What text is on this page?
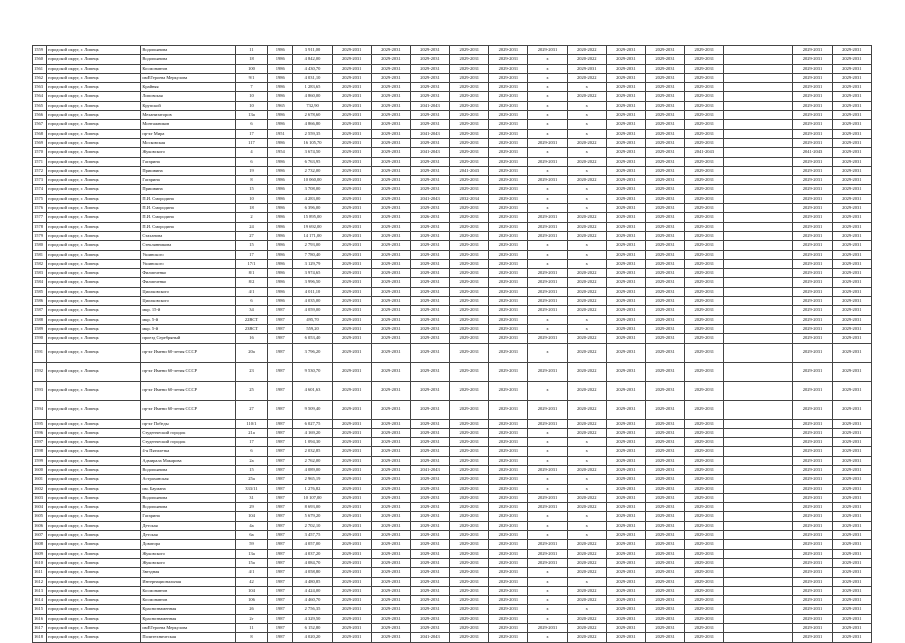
1559	городской округ, г. Липецк	Водопьянова	11	1986	3 911,00	2029-2031	2029-2031	2029-2031	2029-2031	2029-2031	2029-2031	2020-2022	2029-2031	2029-2031	2029-2031		2029-2031	2029-2031
1560	городской округ, г. Липецк	Водопьянова	18	1986	4 842,00	2029-2031	2029-2031	2029-2031	2029-2031	2029-2031	х	2020-2022	2029-2031	2029-2031	2029-2031		2029-2031	2029-2031
1561	городской округ, г. Липецк	Космонавтов	100	1986	4 430,70	2029-2031	2029-2031	2029-2031	2029-2031	2029-2031	х	2029-2031	2029-2031	2029-2031	2029-2031		2029-2031	2029-2031
1562	городской округ, г. Липецк	имЕГероева Меркулова	9/1	1986	4 031,10	2029-2031	2029-2031	2029-2031	2029-2031	2029-2031	х	2020-2022	2029-2031	2029-2031	2029-2031		2029-2031	2029-2031
1563	городской округ, г. Липецк	Крайняя	7	1986	1 283,65	2029-2031	2029-2031	2029-2031	2029-2031	2029-2031	х	х	2029-2031	2029-2031	2029-2031		2029-2031	2029-2031
1564	городской округ, г. Липецк	Липовская	10	1986	4 860,00	2029-2031	2029-2031	2029-2031	2029-2031	2029-2031	х	2020-2022	2029-2031	2029-2031	2029-2031		2029-2031	2029-2031
1565	городской округ, г. Липецк	Крупской	10	1965	732,90	2029-2031	2029-2031	2041-2043	2029-2031	2029-2031	х	х	2029-2031	2029-2031	2029-2031		2029-2031	2029-2031
1566	городской округ, г. Липецк	Механизаторов	13а	1986	2 678,60	2029-2031	2029-2031	2029-2031	2029-2031	2029-2031	х	х	2029-2031	2029-2031	2029-2031		2029-2031	2029-2031
1567	городской округ, г. Липецк	Монтажников	6	1986	4 866,80	2029-2031	2029-2031	2029-2031	2029-2031	2029-2031	х	х	2029-2031	2029-2031	2029-2031		2029-2031	2029-2031
1568	городской округ, г. Липецк	пр-кт Мира	17	1951	2 559,35	2029-2031	2029-2031	2041-2043	2029-2031	2029-2031	х	х	2029-2031	2029-2031	2029-2031		2029-2031	2029-2031
1569	городской округ, г. Липецк	Московская	117	1986	16 105,70	2029-2031	2029-2031	2029-2031	2029-2031	2029-2031	2029-2031	2020-2022	2029-2031	2029-2031	2029-2031		2029-2031	2029-2031
1570	городской округ, г. Липецк	Жуковского	4	1954	3 674,50	2029-2031	2029-2031	2041-2043	2029-2031	2029-2031	х	х	2029-2031	2029-2031	2041-2043		2041-2043	2029-2031
1571	городской округ, г. Липецк	Гагарина	6	1986	6 763,95	2029-2031	2029-2031	2029-2031	2029-2031	2029-2031	2029-2031	2020-2022	2029-2031	2029-2031	2029-2031		2029-2031	2029-2031
1572	городской округ, г. Липецк	Пришвина	19	1986	2 732,00	2029-2031	2029-2031	2029-2031	2041-2043	2029-2031	х	х	2029-2031	2029-2031	2029-2031		2029-2031	2029-2031
1573	городской округ, г. Липецк	Гагарина	8	1986	10 060,00	2029-2031	2029-2031	2029-2031	2029-2031	2029-2031	2029-2031	2020-2022	2029-2031	2029-2031	2029-2031		2029-2031	2029-2031
1574	городской округ, г. Липецк	Пришвина	15	1986	3 708,00	2029-2031	2029-2031	2029-2031	2029-2031	2029-2031	х	х	2029-2031	2029-2031	2029-2031		2029-2031	2029-2031
1575	городской округ, г. Липецк	П.И. Смородина	10	1986	4 283,00	2029-2031	2029-2031	2041-2043	2032-2034	2029-2031	х	х	2029-2031	2029-2031	2029-2031		2029-2031	2029-2031
1576	городской округ, г. Липецк	П.И. Смородина	18	1986	6 396,00	2029-2031	2029-2031	2029-2031	2029-2031	2029-2031	х	х	2029-2031	2029-2031	2029-2031		2029-2031	2029-2031
1577	городской округ, г. Липецк	П.И. Смородина	2	1986	15 895,00	2029-2031	2029-2031	2026-2031	2029-2031	2029-2031	2029-2031	2020-2022	2029-2031	2029-2031	2029-2031		2029-2031	2029-2031
1578	городской округ, г. Липецк	П.И. Смородина	24	1986	19 692,00	2029-2031	2029-2031	2029-2031	2029-2031	2029-2031	2029-2031	2020-2022	2029-2031	2029-2031	2029-2031		2029-2031	2029-2031
1579	городской округ, г. Липецк	Стаханова	27	1986	14 171,00	2029-2031	2029-2031	2029-2031	2029-2031	2029-2031	2029-2031	2020-2022	2029-2031	2029-2031	2029-2031		2029-2031	2029-2031
1580	городской округ, г. Липецк	Стеклянникова	15	1986	2 793,00	2029-2031	2029-2031	2029-2031	2029-2031	2029-2031	х	х	2029-2031	2029-2031	2029-2031		2029-2031	2029-2031
1581	городской округ, г. Липецк	Ушинского	17	1986	7 780,40	2029-2031	2029-2031	2029-2031	2029-2031	2029-2031	х	х	2029-2031	2029-2031	2029-2031		2029-2031	2029-2031
1582	городской округ, г. Липецк	Ушинского	17/1	1986	3 129,79	2029-2031	2029-2031	2029-2031	2029-2031	2029-2031	х	х	2029-2031	2029-2031	2029-2031		2029-2031	2029-2031
1583	городской округ, г. Липецк	Филипченко	8/1	1986	3 974,65	2029-2031	2029-2031	2029-2031	2029-2031	2029-2031	2029-2031	2020-2022	2029-2031	2029-2031	2029-2031		2029-2031	2029-2031
1584	городской округ, г. Липецк	Филипченко	8/2	1986	3 996,50	2029-2031	2029-2031	2029-2031	2029-2031	2029-2031	2029-2031	2020-2022	2029-2031	2029-2031	2029-2031		2029-2031	2029-2031
1585	городской округ, г. Липецк	Циолковского	4/1	1986	4 011,10	2029-2031	2029-2031	2029-2031	2029-2031	2029-2031	2029-2031	2020-2022	2029-2031	2029-2031	2029-2031		2029-2031	2029-2031
1586	городской округ, г. Липецк	Циолковского	6	1986	4 035,00	2029-2031	2029-2031	2029-2031	2029-2031	2029-2031	2029-2031	2020-2022	2029-2031	2029-2031	2029-2031		2029-2031	2029-2031
1587	городской округ, г. Липецк	мкр. 15-й	34	1987	4 059,00	2029-2031	2029-2031	2029-2031	2029-2031	2029-2031	2029-2031	2020-2022	2029-2031	2029-2031	2029-2031		2029-2031	2029-2031
1588	городской округ, г. Липецк	мкр. 5-й	22ВСТ	1987	495,70	2029-2031	2029-2031	2029-2031	2029-2031	2029-2031	х	х	2029-2031	2029-2031	2029-2031		2029-2031	2029-2031
1589	городской округ, г. Липецк	мкр. 5-й	23ВСТ	1987	559,20	2029-2031	2029-2031	2029-2031	2029-2031	2029-2031	х	х	2029-2031	2029-2031	2029-2031		2029-2031	2029-2031
1590	городской округ, г. Липецк	проезд Серебряный	16	1987	6 053,40	2029-2031	2029-2031	2029-2031	2029-2031	2029-2031	2029-2031	2020-2022	2029-2031	2029-2031	2029-2031		2029-2031	2029-2031
1591	городской округ, г. Липецк	пр-кт Имени 60-летия СССР	20а	1987	3 796,20	2029-2031	2029-2031	2029-2031	2029-2031	2029-2031	х	2020-2022	2029-2031	2029-2031	2029-2031		2029-2031	2029-2031
1592	городской округ, г. Липецк	пр-кт Имени 60-летия СССР	23	1987	9 530,70	2029-2031	2029-2031	2029-2031	2029-2031	2029-2031	2029-2031	2020-2022	2029-2031	2029-2031	2029-2031		2029-2031	2029-2031
1593	городской округ, г. Липецк	пр-кт Имени 60-летия СССР	25	1987	4 601,63	2029-2031	2029-2031	2029-2031	2029-2031	2029-2031	х	2020-2022	2029-2031	2029-2031	2029-2031		2029-2031	2029-2031
1594	городской округ, г. Липецк	пр-кт Имени 60-летия СССР	27	1987	9 509,40	2029-2031	2029-2031	2029-2031	2029-2031	2029-2031	2029-2031	2020-2022	2029-2031	2029-2031	2029-2031		2029-2031	2029-2031
1595	городской округ, г. Липецк	пр-кт Победы	110/1	1987	6 027,75	2029-2031	2029-2031	2029-2031	2029-2031	2029-2031	2029-2031	2020-2022	2029-2031	2029-2031	2029-2031		2029-2031	2029-2031
1596	городской округ, г. Липецк	Студенческий городок	21а	1987	4 169,20	2029-2031	2029-2031	2029-2031	2029-2031	2029-2031	х	2020-2022	2029-2031	2029-2031	2029-2031		2029-2031	2029-2031
1597	городской округ, г. Липецк	Студенческий городок	17	1987	1 094,30	2029-2031	2029-2031	2029-2031	2029-2031	2029-2031	х	х	2029-2031	2029-2031	2029-2031		2029-2031	2029-2031
1598	городской округ, г. Липецк	4-я Пятилетка	6	1987	2 032,85	2029-2031	2029-2031	2029-2031	2029-2031	2029-2031	х	х	2029-2031	2029-2031	2029-2031		2029-2031	2029-2031
1599	городской округ, г. Липецк	Адмирала Макарова	2а	1987	2 762,00	2029-2031	2029-2031	2029-2031	2029-2031	2029-2031	х	х	2029-2031	2029-2031	2029-2031		2029-2031	2029-2031
1600	городской округ, г. Липецк	Водопьянова	15	1987	4 089,00	2029-2031	2029-2031	2041-2043	2029-2031	2029-2031	2029-2031	2020-2022	2029-2031	2029-2031	2029-2031		2029-2031	2029-2031
1601	городской округ, г. Липецк	Астраханская	25а	1987	2 965,19	2029-2031	2029-2031	2029-2031	2029-2031	2029-2031	х	х	2029-2031	2029-2031	2029-2031		2029-2031	2029-2031
1602	городской округ, г. Липецк	им. Баумана	333/11	1987	1 276,82	2029-2031	2029-2031	2029-2031	2029-2031	2029-2031	х	х	2029-2031	2029-2031	2029-2031		2029-2031	2029-2031
1603	городской округ, г. Липецк	Водопьянова	31	1987	10 107,00	2029-2031	2029-2031	2029-2031	2029-2031	2029-2031	2029-2031	2020-2022	2029-2031	2029-2031	2029-2031		2029-2031	2029-2031
1604	городской округ, г. Липецк	Водопьянова	29	1987	8 693,00	2029-2031	2029-2031	2029-2031	2029-2031	2029-2031	2029-2031	2020-2022	2029-2031	2029-2031	2029-2031		2029-2031	2029-2031
1605	городской округ, г. Липецк	Гагарина	104	1987	5 679,20	2029-2031	2029-2031	2029-2031	2029-2031	2029-2031	х	х	2029-2031	2029-2031	2029-2031		2029-2031	2029-2031
1606	городской округ, г. Липецк	Детская	4а	1987	2 702,10	2029-2031	2029-2031	2029-2031	2029-2031	2029-2031	х	х	2029-2031	2029-2031	2029-2031		2029-2031	2029-2031
1607	городской округ, г. Липецк	Детская	6а	1987	3 457,75	2029-2031	2029-2031	2029-2031	2029-2031	2029-2031	х	х	2029-2031	2029-2031	2029-2031		2029-2031	2029-2031
1608	городской округ, г. Липецк	Доватора	59	1987	4 057,00	2029-2031	2029-2031	2029-2031	2029-2031	2029-2031	2029-2031	2020-2022	2029-2031	2029-2031	2029-2031		2029-2031	2029-2031
1609	городской округ, г. Липецк	Жуковского	13а	1987	4 037,20	2029-2031	2029-2031	2029-2031	2029-2031	2029-2031	2029-2031	2020-2022	2029-2031	2029-2031	2029-2031		2029-2031	2029-2031
1610	городской округ, г. Липецк	Жуковского	15а	1987	4 084,70	2029-2031	2029-2031	2029-2031	2029-2031	2029-2031	2029-2031	2020-2022	2029-2031	2029-2031	2029-2031		2029-2031	2029-2031
1611	городской округ, г. Липецк	Звездная	4/1	1987	4 058,80	2029-2031	2029-2031	2029-2031	2029-2031	2029-2031	х	2020-2022	2029-2031	2029-2031	2029-2031		2029-2031	2029-2031
1612	городской округ, г. Липецк	Интернациональная	42	1987	4 480,85	2029-2031	2029-2031	2029-2031	2029-2031	2029-2031	х	х	2029-2031	2029-2031	2029-2031		2029-2031	2029-2031
1613	городской округ, г. Липецк	Космонавтов	104	1987	4 424,00	2029-2031	2029-2031	2029-2031	2029-2031	2029-2031	х	2020-2022	2029-2031	2029-2031	2029-2031		2029-2031	2029-2031
1614	городской округ, г. Липецк	Космонавтов	106	1987	4 460,70	2029-2031	2029-2031	2029-2031	2029-2031	2029-2031	х	2020-2022	2029-2031	2029-2031	2029-2031		2029-2031	2029-2031
1615	городской округ, г. Липецк	Краснознаменная	26	1987	2 756,35	2029-2031	2029-2031	2029-2031	2029-2031	2029-2031	х	х	2029-2031	2029-2031	2029-2031		2029-2031	2029-2031
1616	городской округ, г. Липецк	Краснознаменная	2г	1987	4 329,50	2029-2031	2029-2031	2029-2031	2029-2031	2029-2031	х	2020-2022	2029-2031	2029-2031	2029-2031		2029-2031	2029-2031
1617	городской округ, г. Липецк	имЕГероева Меркулова	11	1987	6 152,80	2029-2031	2029-2031	2029-2031	2029-2031	2029-2031	2029-2031	2020-2022	2029-2031	2029-2031	2029-2031		2029-2031	2029-2031
1618	городской округ, г. Липецк	Политехническая	8	1987	4 020,20	2029-2031	2029-2031	2041-2043	2029-2031	2029-2031	х	2020-2022	2029-2031	2029-2031	2029-2031		2029-2031	2029-2031
